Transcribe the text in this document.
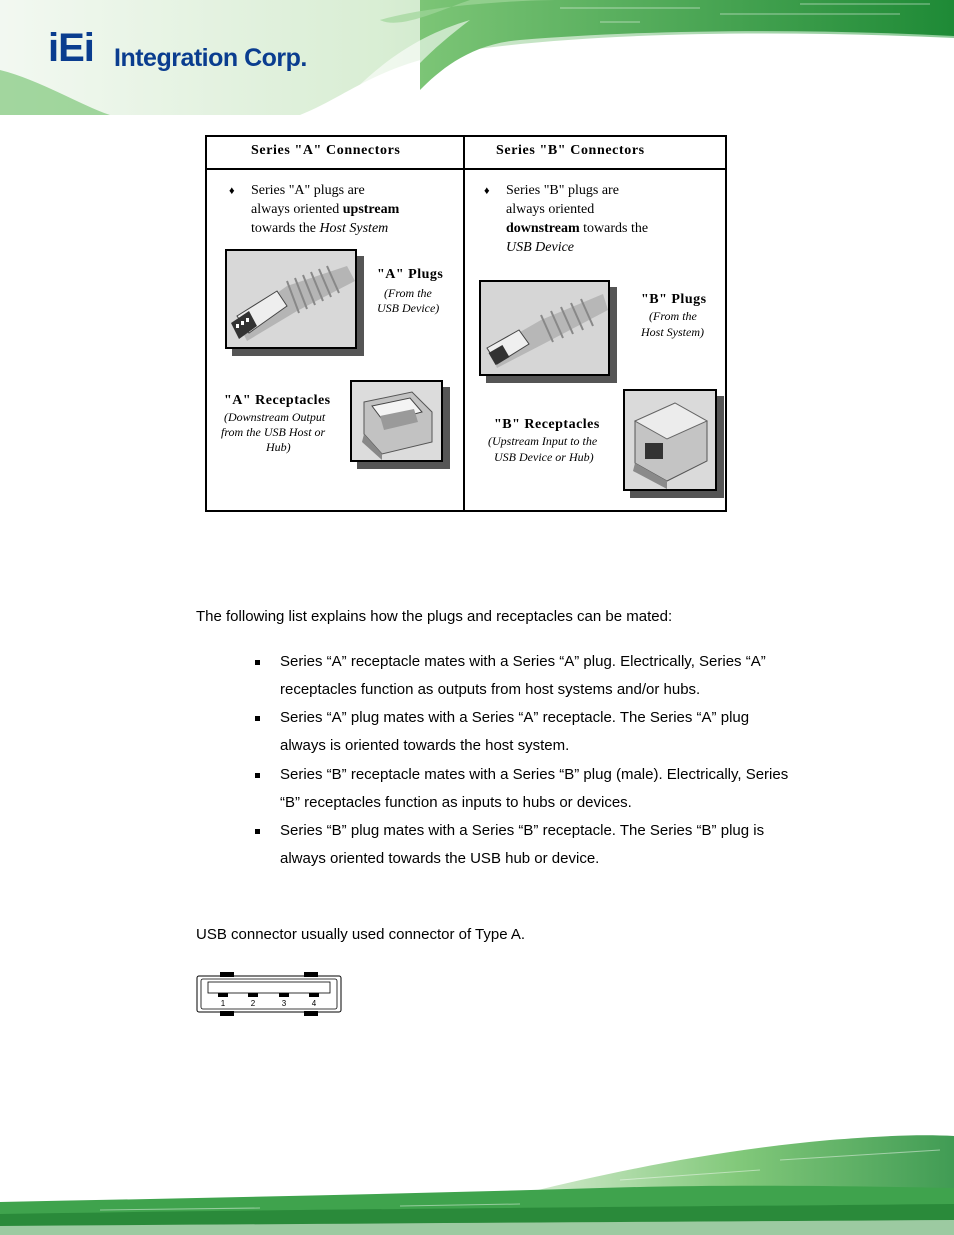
iEi Integration Corp.
Series "A" Connectors	Series "B" Connectors
♦ Series "A" plugs are
always oriented upstream
towards the Host System
"A" Plugs
(From the
USB Device)
"A" Receptacles
(Downstream Output
from the USB Host or
Hub)
♦ Series "B" plugs are
always oriented
downstream towards the
USB Device
"B" Plugs
(From the
Host System)
"B" Receptacles
(Upstream Input to the
USB Device or Hub)
The following list explains how the plugs and receptacles can be mated:
Series “A” receptacle mates with a Series “A” plug. Electrically, Series “A”
receptacles function as outputs from host systems and/or hubs.
Series “A” plug mates with a Series “A” receptacle. The Series “A” plug
always is oriented towards the host system.
Series “B” receptacle mates with a Series “B” plug (male). Electrically, Series
“B” receptacles function as inputs to hubs or devices.
Series “B” plug mates with a Series “B” receptacle. The Series “B” plug is
always oriented towards the USB hub or device.
USB connector usually used connector of Type A.
1	2	3	4
